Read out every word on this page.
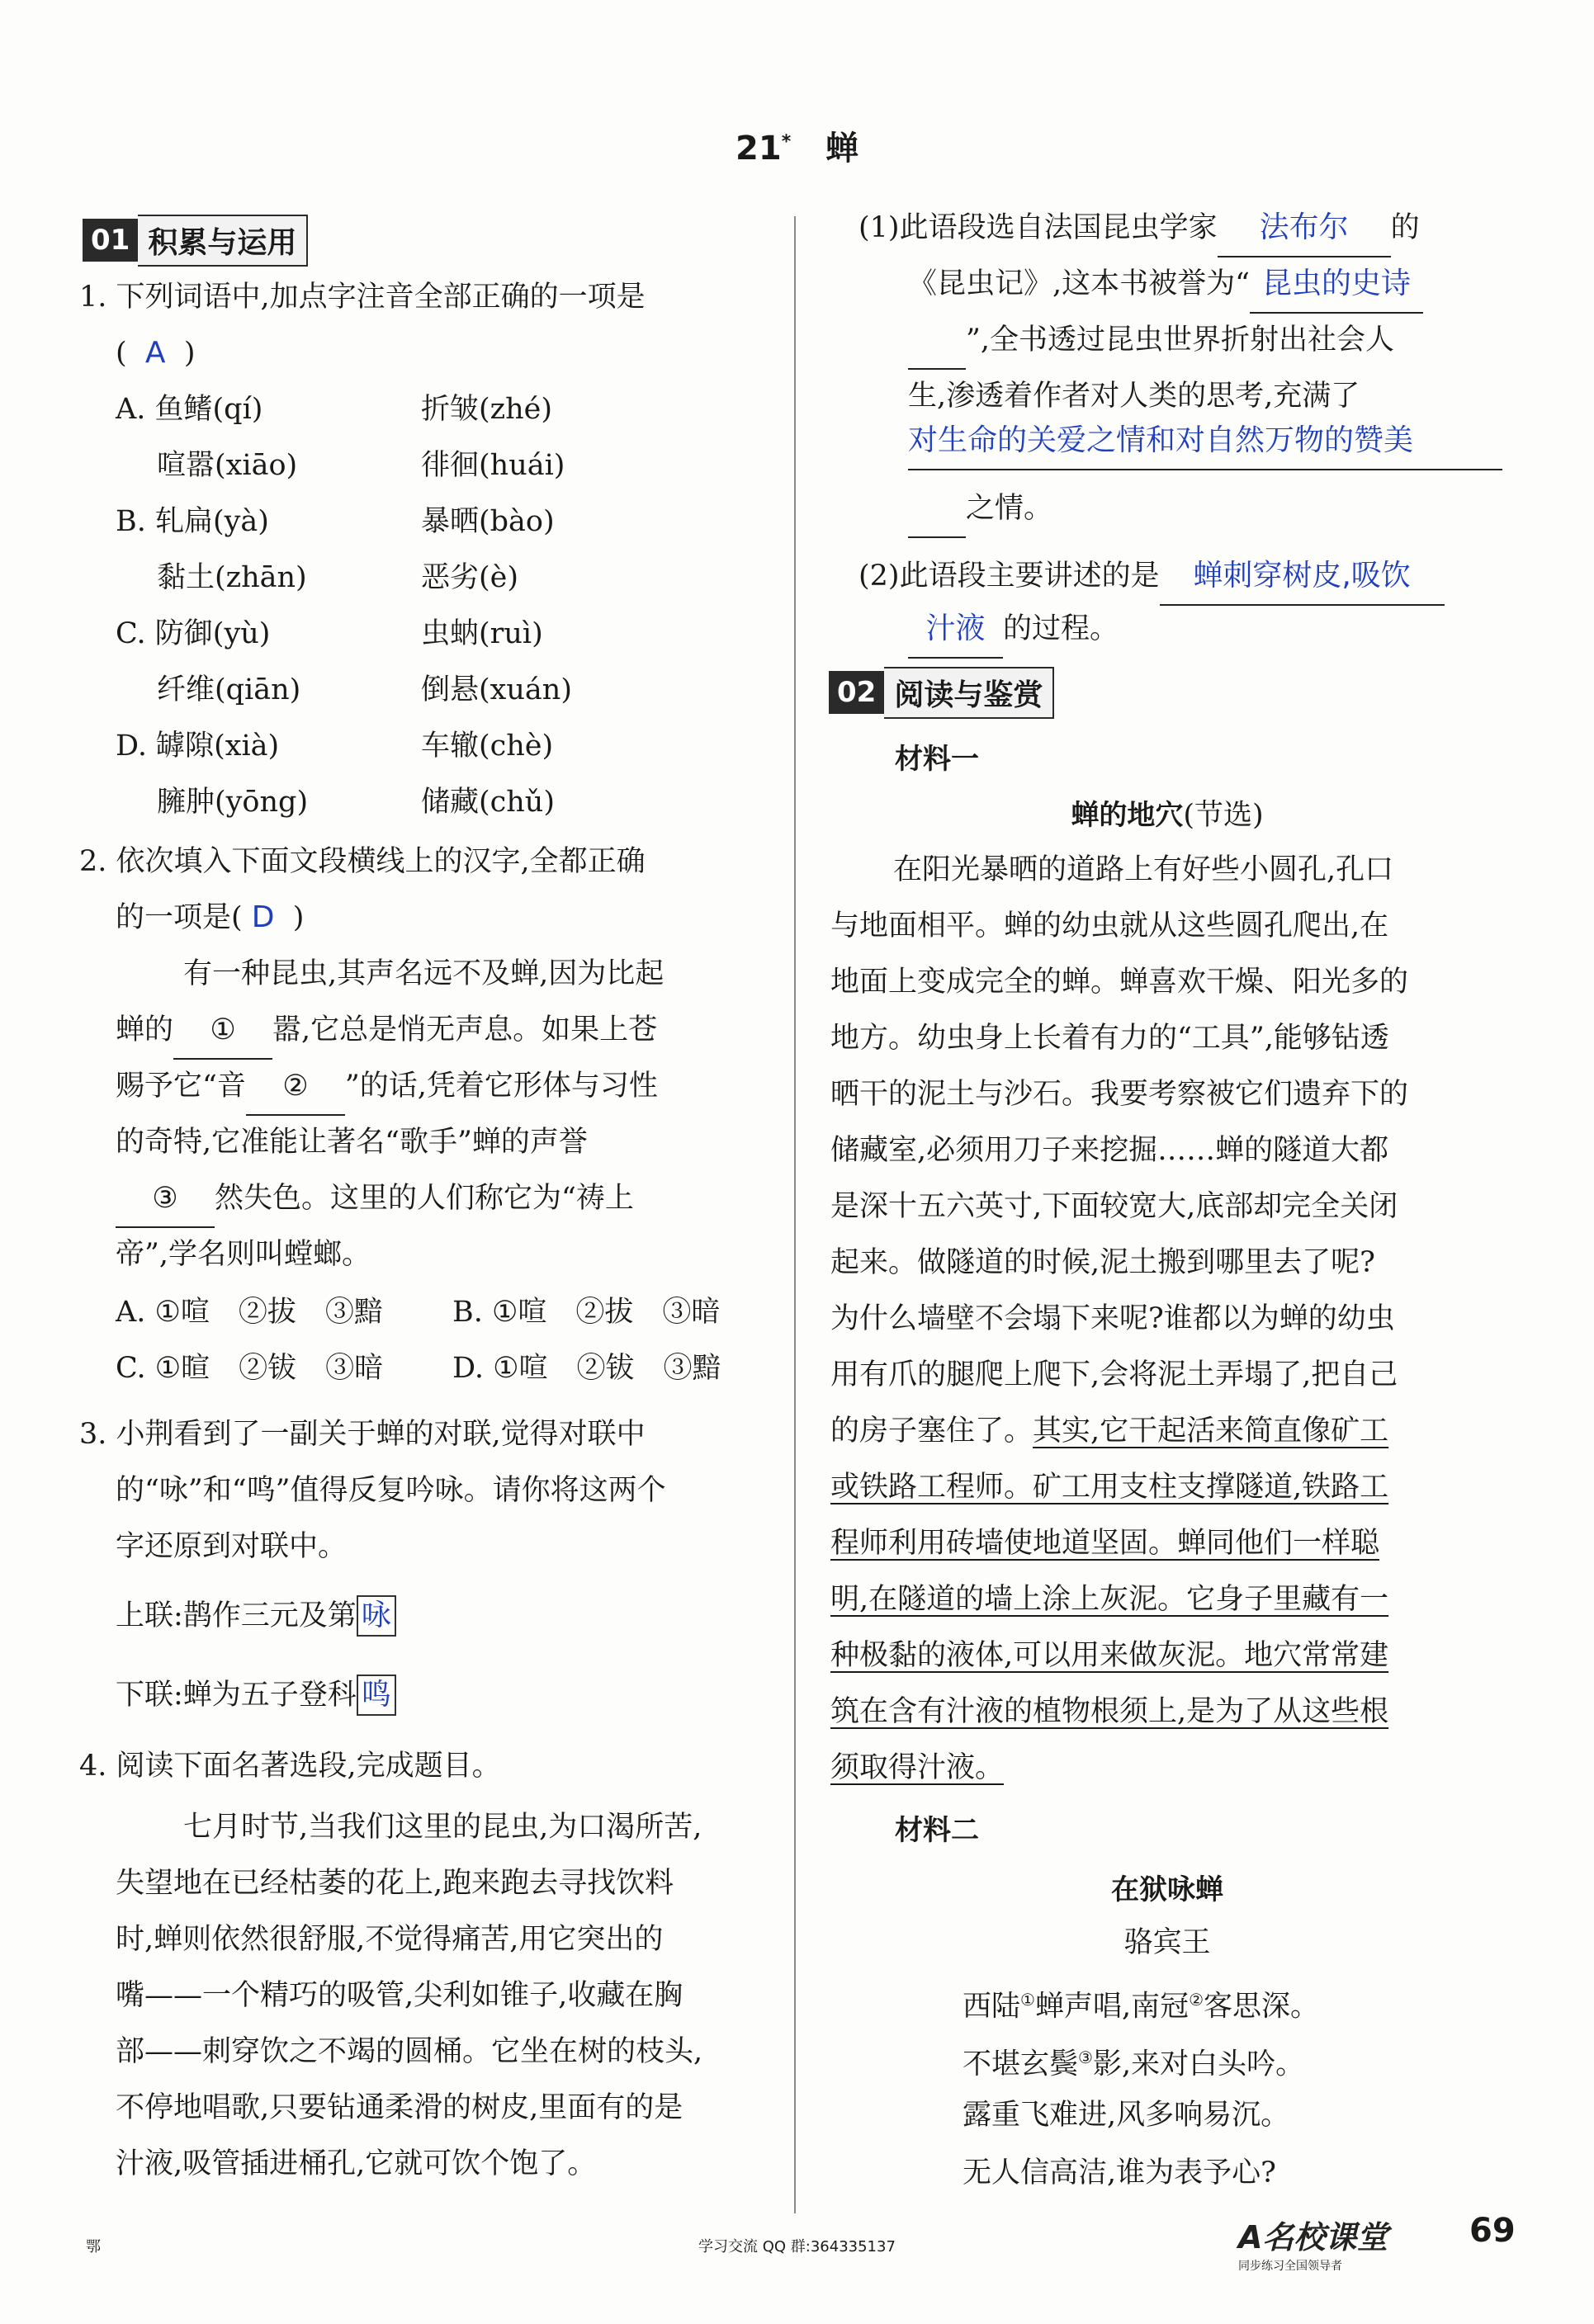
21* 蝉
01 积累与运用
1. 下列词语中,加点字注音全部正确的一项是
( A )
A. 鱼鳍(qí)	折皱(zhé)
喧嚣(xiāo)	徘徊(huái)
B. 轧扁(yà)	暴晒(bào)
黏土(zhān)	恶劣(è)
C. 防御(yù)	虫蚋(ruì)
纤维(qiān)	倒悬(xuán)
D. 罅隙(xià)	车辙(chè)
臃肿(yōng)	储藏(chǔ)
2. 依次填入下面文段横线上的汉字,全都正确
的一项是( D )
有一种昆虫,其声名远不及蝉,因为比起
蝉的 ① 嚣,它总是悄无声息。如果上苍
赐予它“音 ② ”的话,凭着它形体与习性
的奇特,它准能让著名“歌手”蝉的声誉
③ 然失色。这里的人们称它为“祷上
帝”,学名则叫螳螂。
A. ①喧　②拔　③黯 B. ①喧　②拔　③暗
C. ①暄　②钹　③暗 D. ①喧　②钹　③黯
3. 小荆看到了一副关于蝉的对联,觉得对联中
的“咏”和“鸣”值得反复吟咏。请你将这两个
字还原到对联中。
上联:鹊作三元及第 咏
下联:蝉为五子登科 鸣
4. 阅读下面名著选段,完成题目。
七月时节,当我们这里的昆虫,为口渴所苦,
失望地在已经枯萎的花上,跑来跑去寻找饮料
时,蝉则依然很舒服,不觉得痛苦,用它突出的
嘴——一个精巧的吸管,尖利如锥子,收藏在胸
部——刺穿饮之不竭的圆桶。它坐在树的枝头,
不停地唱歌,只要钻通柔滑的树皮,里面有的是
汁液,吸管插进桶孔,它就可饮个饱了。
(1)此语段选自法国昆虫学家 法布尔 的
《昆虫记》,这本书被誉为“ 昆虫的史诗
”,全书透过昆虫世界折射出社会人
生,渗透着作者对人类的思考,充满了
对生命的关爱之情和对自然万物的赞美
之情。
(2)此语段主要讲述的是 蝉刺穿树皮,吸饮
汁液 的过程。
02 阅读与鉴赏
材料一
蝉的地穴(节选)
在阳光暴晒的道路上有好些小圆孔,孔口
与地面相平。蝉的幼虫就从这些圆孔爬出,在
地面上变成完全的蝉。蝉喜欢干燥、阳光多的
地方。幼虫身上长着有力的“工具”,能够钻透
晒干的泥土与沙石。我要考察被它们遗弃下的
储藏室,必须用刀子来挖掘……蝉的隧道大都
是深十五六英寸,下面较宽大,底部却完全关闭
起来。做隧道的时候,泥土搬到哪里去了呢?
为什么墙壁不会塌下来呢?谁都以为蝉的幼虫
用有爪的腿爬上爬下,会将泥土弄塌了,把自己
的房子塞住了。其实,它干起活来简直像矿工
或铁路工程师。矿工用支柱支撑隧道,铁路工
程师利用砖墙使地道坚固。蝉同他们一样聪
明,在隧道的墙上涂上灰泥。它身子里藏有一
种极黏的液体,可以用来做灰泥。地穴常常建
筑在含有汁液的植物根须上,是为了从这些根
须取得汁液。
材料二
在狱咏蝉
骆宾王
西陆①蝉声唱,南冠②客思深。
不堪玄鬓③影,来对白头吟。
露重飞难进,风多响易沉。
无人信高洁,谁为表予心?
鄂	学习交流 QQ 群:364335137	A名校课堂
同步练习全国领导者
69
